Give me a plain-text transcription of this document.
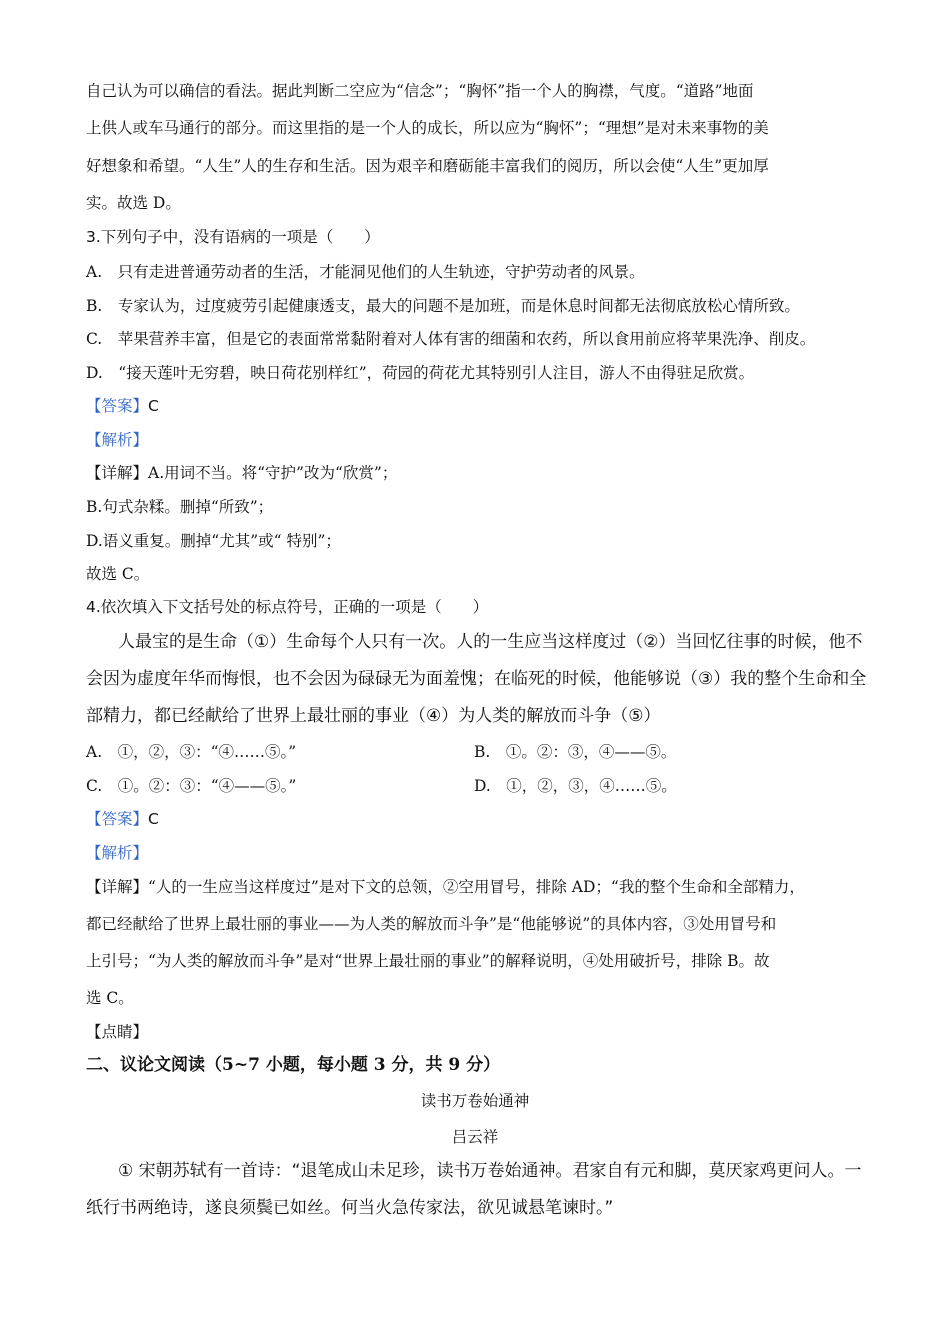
自己认为可以确信的看法。据此判断二空应为“信念”；“胸怀”指一个人的胸襟，气度。“道路”地面
上供人或车马通行的部分。而这里指的是一个人的成长，所以应为“胸怀”；“理想”是对未来事物的美
好想象和希望。“人生”人的生存和生活。因为艰辛和磨砺能丰富我们的阅历，所以会使“人生”更加厚
实。故选 D。
3.下列句子中，没有语病的一项是（　　）
A.　只有走进普通劳动者的生活，才能洞见他们的人生轨迹，守护劳动者的风景。
B.　专家认为，过度疲劳引起健康透支，最大的问题不是加班，而是休息时间都无法彻底放松心情所致。
C.　苹果营养丰富，但是它的表面常常黏附着对人体有害的细菌和农药，所以食用前应将苹果洗净、削皮。
D.　“接天莲叶无穷碧，映日荷花别样红”，荷园的荷花尤其特别引人注目，游人不由得驻足欣赏。
【答案】C
【解析】
【详解】A.用词不当。将“守护”改为“欣赏”；
B.句式杂糅。删掉“所致”；
D.语义重复。删掉“尤其”或“ 特别”；
故选 C。
4.依次填入下文括号处的标点符号，正确的一项是（　　）
人最宝的是生命（①）生命每个人只有一次。人的一生应当这样度过（②）当回忆往事的时候，他不
会因为虚度年华而悔恨，也不会因为碌碌无为面羞愧；在临死的时候，他能够说（③）我的整个生命和全
部精力，都已经献给了世界上最壮丽的事业（④）为人类的解放而斗争（⑤）
A.　①，②，③：“④……⑤。”	B.　①。②：③，④——⑤。
C.　①。②：③：“④——⑤。”	D.　①，②，③，④……⑤。
【答案】C
【解析】
【详解】“人的一生应当这样度过”是对下文的总领，②空用冒号，排除 AD；“我的整个生命和全部精力，
都已经献给了世界上最壮丽的事业——为人类的解放而斗争”是“他能够说”的具体内容，③处用冒号和
上引号；“为人类的解放而斗争”是对“世界上最壮丽的事业”的解释说明，④处用破折号，排除 B。故
选 C。
【点睛】
二、议论文阅读（5~7 小题，每小题 3 分，共 9 分）
读书万卷始通神
吕云祥
① 宋朝苏轼有一首诗：“退笔成山未足珍，读书万卷始通神。君家自有元和脚，莫厌家鸡更问人。一
纸行书两绝诗，遂良须鬓已如丝。何当火急传家法，欲见诚悬笔谏时。”
